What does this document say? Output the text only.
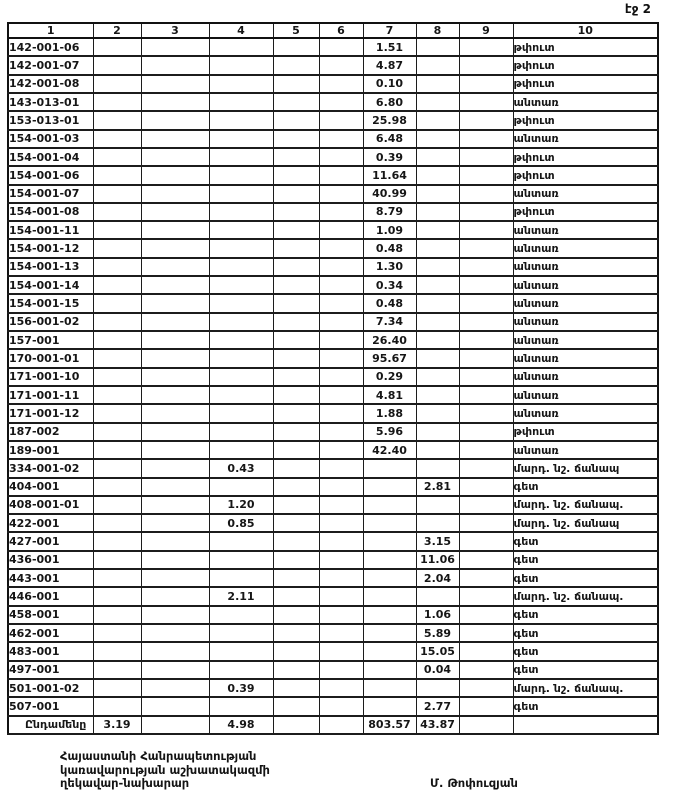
էջ 2
1	2	3	4	5	6	7	8	9	10
142-001-06						1.51			թփուտ
142-001-07						4.87			թփուտ
142-001-08						0.10			թփուտ
143-013-01						6.80			անտառ
153-013-01						25.98			թփուտ
154-001-03						6.48			անտառ
154-001-04						0.39			թփուտ
154-001-06						11.64			թփուտ
154-001-07						40.99			անտառ
154-001-08						8.79			թփուտ
154-001-11						1.09			անտառ
154-001-12						0.48			անտառ
154-001-13						1.30			անտառ
154-001-14						0.34			անտառ
154-001-15						0.48			անտառ
156-001-02						7.34			անտառ
157-001						26.40			անտառ
170-001-01						95.67			անտառ
171-001-10						0.29			անտառ
171-001-11						4.81			անտառ
171-001-12						1.88			անտառ
187-002						5.96			թփուտ
189-001						42.40			անտառ
334-001-02			0.43						մարդ. նշ. ճանապ
404-001							2.81		գետ
408-001-01			1.20						մարդ. նշ. ճանապ.
422-001			0.85						մարդ. նշ. ճանապ
427-001							3.15		գետ
436-001							11.06		գետ
443-001							2.04		գետ
446-001			2.11						մարդ. նշ. ճանապ.
458-001							1.06		գետ
462-001							5.89		գետ
483-001							15.05		գետ
497-001							0.04		գետ
501-001-02			0.39						մարդ. նշ. ճանապ.
507-001							2.77		գետ
Ընդամենը	3.19		4.98			803.57	43.87		
Հայաստանի Հանրապետության
կառավարության աշխատակազմի
ղեկավար-նախարար	Մ. Թոփուզյան
